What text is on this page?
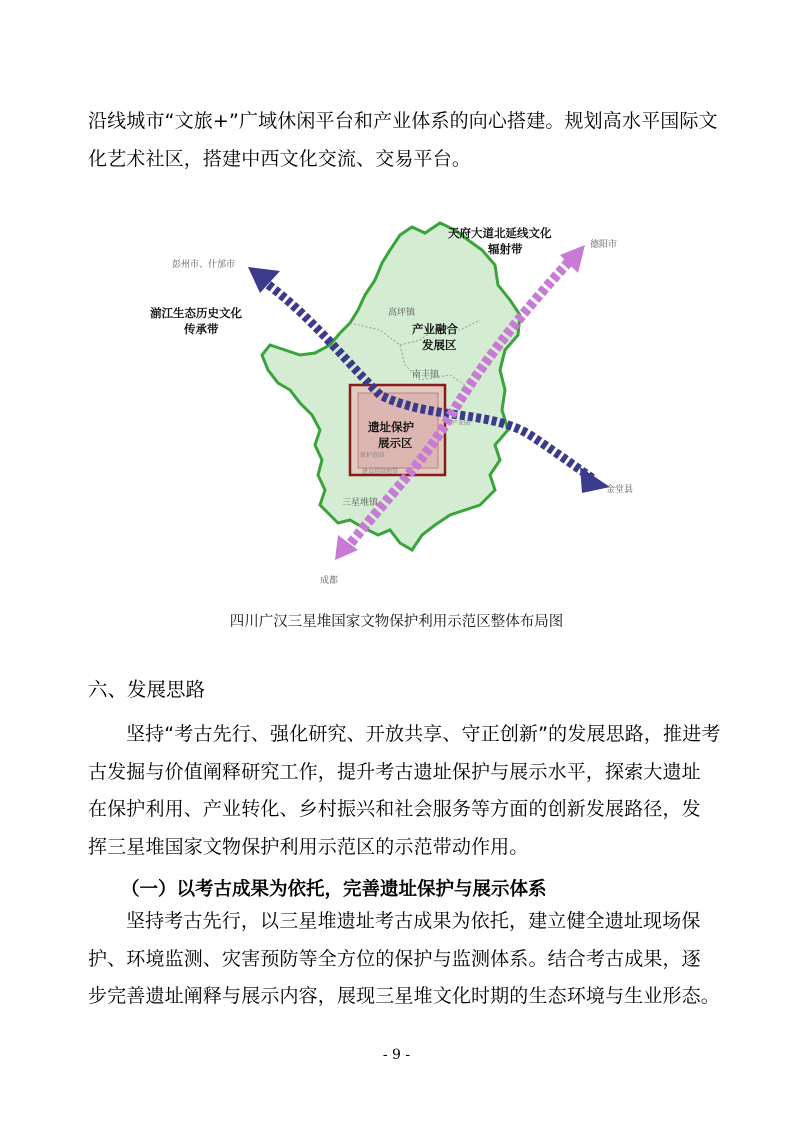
沿线城市“文旅+”广域休闲平台和产业体系的向心搭建。规划高水平国际文
化艺术社区，搭建中西文化交流、交易平台。
天府大道北延线文化
辐射带
湔江生态历史文化
传承带	产业融合
发展区
遗址保护
展示区
彭州市、什邡市
德阳市
高坪镇
南丰镇
三星堆镇
金堂县
成都
产业园
保护范围
建设控制地带
四川广汉三星堆国家文物保护利用示范区整体布局图
六、发展思路
坚持“考古先行、强化研究、开放共享、守正创新”的发展思路，推进考
古发掘与价值阐释研究工作，提升考古遗址保护与展示水平，探索大遗址
在保护利用、产业转化、乡村振兴和社会服务等方面的创新发展路径，发
挥三星堆国家文物保护利用示范区的示范带动作用。
（一）以考古成果为依托，完善遗址保护与展示体系
坚持考古先行，以三星堆遗址考古成果为依托，建立健全遗址现场保
护、环境监测、灾害预防等全方位的保护与监测体系。结合考古成果，逐
步完善遗址阐释与展示内容，展现三星堆文化时期的生态环境与生业形态。
- 9 -
